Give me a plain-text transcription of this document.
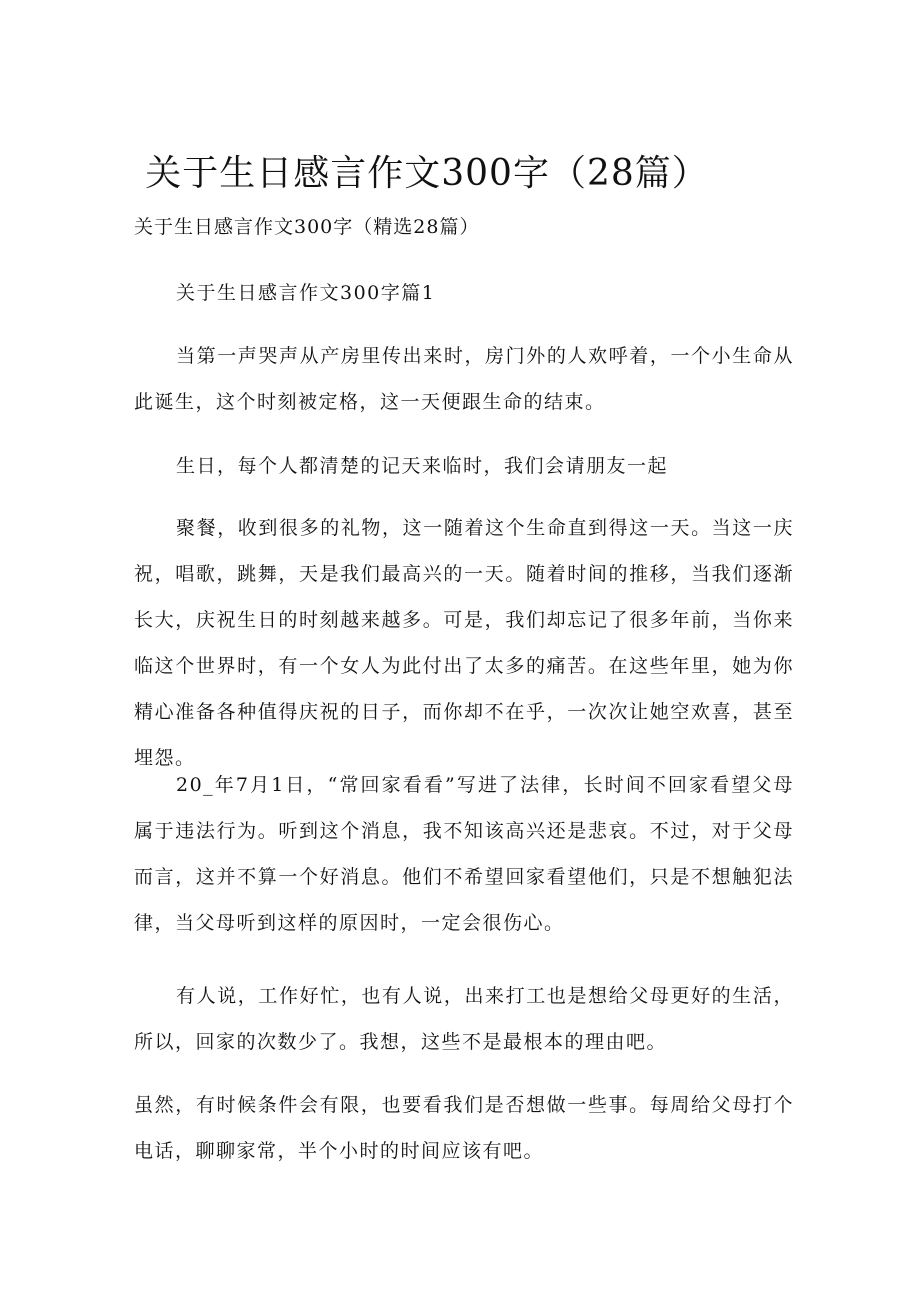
关于生日感言作文300字（28篇）

关于生日感言作文300字（精选28篇）

关于生日感言作文300字篇1

当第一声哭声从产房里传出来时，房门外的人欢呼着，一个小生命从此诞生，这个时刻被定格，这一天便跟生命的结束。

生日，每个人都清楚的记天来临时，我们会请朋友一起

聚餐，收到很多的礼物，这一随着这个生命直到得这一天。当这一庆祝，唱歌，跳舞，天是我们最高兴的一天。随着时间的推移，当我们逐渐长大，庆祝生日的时刻越来越多。可是，我们却忘记了很多年前，当你来临这个世界时，有一个女人为此付出了太多的痛苦。在这些年里，她为你精心准备各种值得庆祝的日子，而你却不在乎，一次次让她空欢喜，甚至埋怨。

20_年7月1日，“常回家看看”写进了法律，长时间不回家看望父母属于违法行为。听到这个消息，我不知该高兴还是悲哀。不过，对于父母而言，这并不算一个好消息。他们不希望回家看望他们，只是不想触犯法律，当父母听到这样的原因时，一定会很伤心。

有人说，工作好忙，也有人说，出来打工也是想给父母更好的生活，所以，回家的次数少了。我想，这些不是最根本的理由吧。

虽然，有时候条件会有限，也要看我们是否想做一些事。每周给父母打个电话，聊聊家常，半个小时的时间应该有吧。
